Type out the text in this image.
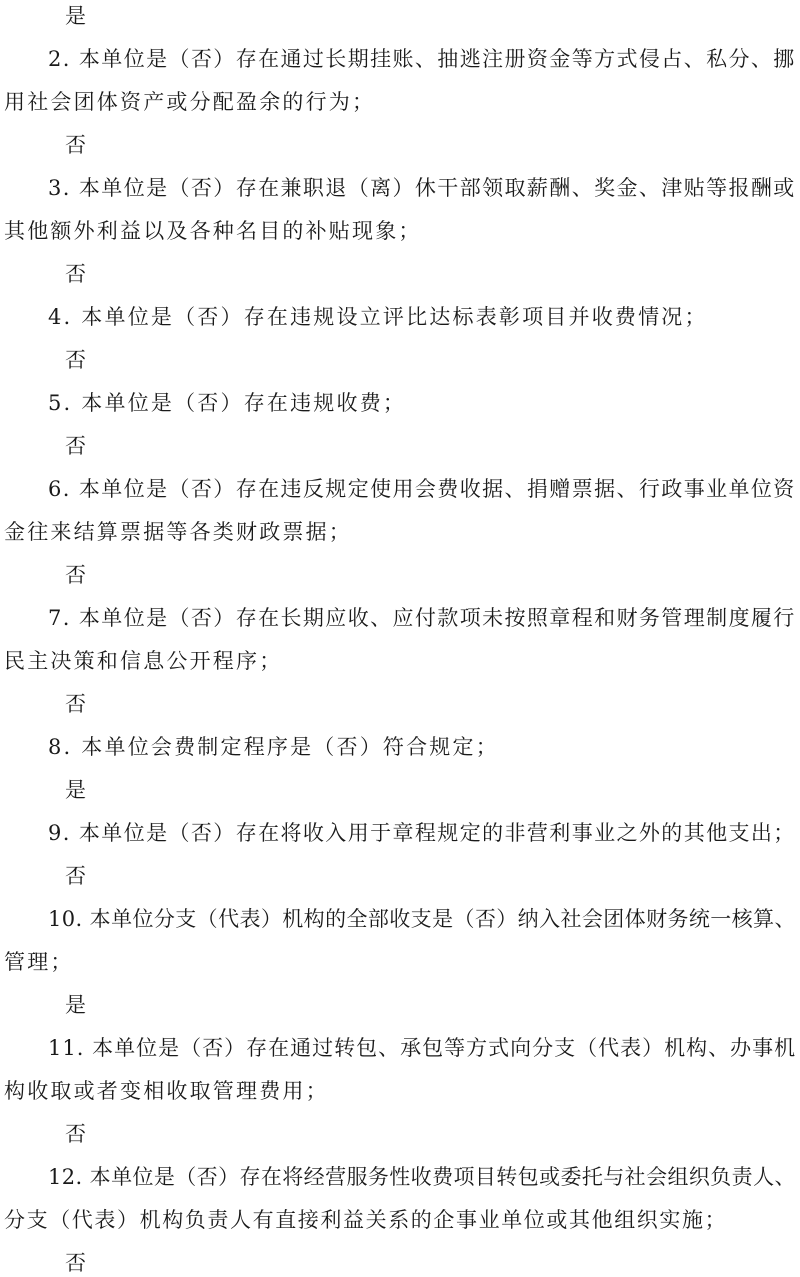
是
2. 本单位是（否）存在通过长期挂账、抽逃注册资金等方式侵占、私分、挪
用社会团体资产或分配盈余的行为；
否
3. 本单位是（否）存在兼职退（离）休干部领取薪酬、奖金、津贴等报酬或
其他额外利益以及各种名目的补贴现象；
否
4. 本单位是（否）存在违规设立评比达标表彰项目并收费情况；
否
5. 本单位是（否）存在违规收费；
否
6. 本单位是（否）存在违反规定使用会费收据、捐赠票据、行政事业单位资
金往来结算票据等各类财政票据；
否
7. 本单位是（否）存在长期应收、应付款项未按照章程和财务管理制度履行
民主决策和信息公开程序；
否
8. 本单位会费制定程序是（否）符合规定；
是
9. 本单位是（否）存在将收入用于章程规定的非营利事业之外的其他支出；
否
10. 本单位分支（代表）机构的全部收支是（否）纳入社会团体财务统一核算、
管理；
是
11. 本单位是（否）存在通过转包、承包等方式向分支（代表）机构、办事机
构收取或者变相收取管理费用；
否
12. 本单位是（否）存在将经营服务性收费项目转包或委托与社会组织负责人、
分支（代表）机构负责人有直接利益关系的企事业单位或其他组织实施；
否
